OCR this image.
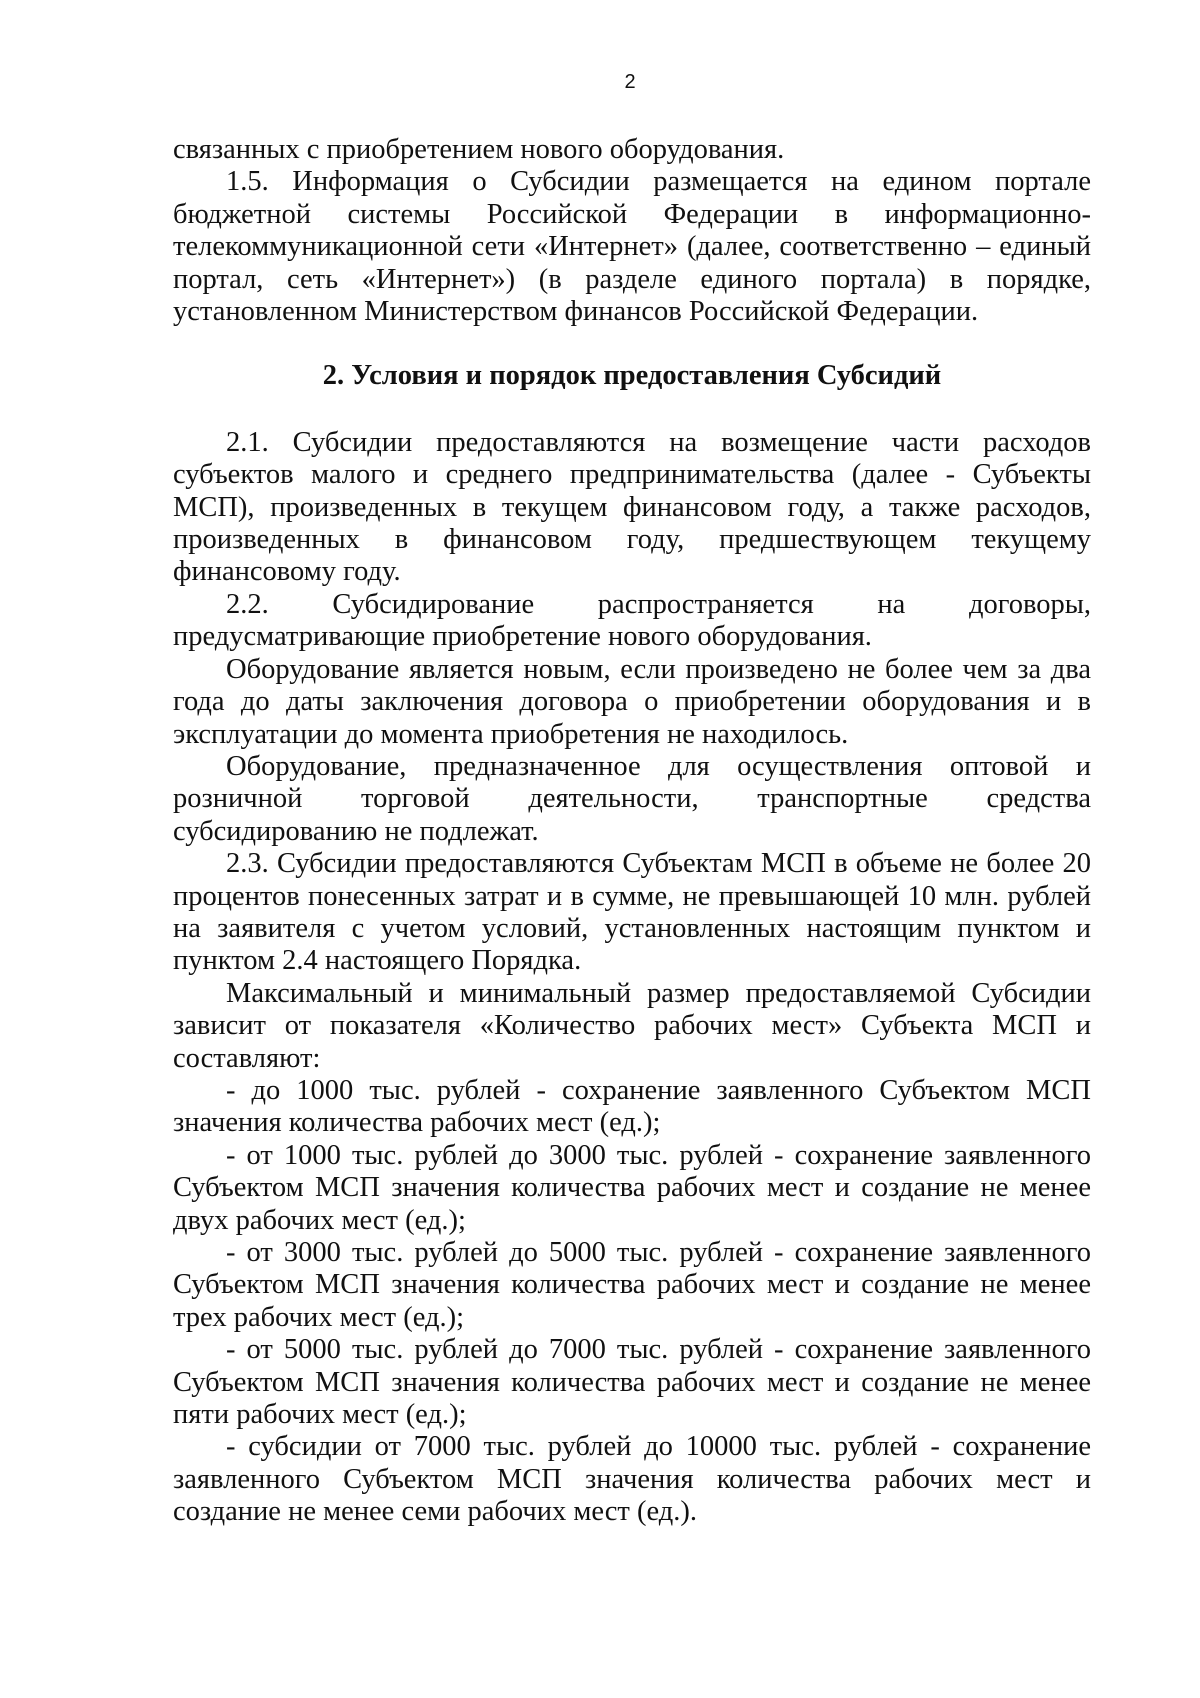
2

связанных с приобретением нового оборудования.

1.5. Информация о Субсидии размещается на едином портале бюджетной системы Российской Федерации в информационно-телекоммуникационной сети «Интернет» (далее, соответственно – единый портал, сеть «Интернет») (в разделе единого портала) в порядке, установленном Министерством финансов Российской Федерации.

2. Условия и порядок предоставления Субсидий

2.1. Субсидии предоставляются на возмещение части расходов субъектов малого и среднего предпринимательства (далее - Субъекты МСП), произведенных в текущем финансовом году, а также расходов, произведенных в финансовом году, предшествующем текущему финансовому году.

2.2. Субсидирование распространяется на договоры, предусматривающие приобретение нового оборудования.

Оборудование является новым, если произведено не более чем за два года до даты заключения договора о приобретении оборудования и в эксплуатации до момента приобретения не находилось.

Оборудование, предназначенное для осуществления оптовой и розничной торговой деятельности, транспортные средства субсидированию не подлежат.

2.3. Субсидии предоставляются Субъектам МСП в объеме не более 20 процентов понесенных затрат и в сумме, не превышающей 10 млн. рублей на заявителя с учетом условий, установленных настоящим пунктом и пунктом 2.4 настоящего Порядка.

Максимальный и минимальный размер предоставляемой Субсидии зависит от показателя «Количество рабочих мест» Субъекта МСП и составляют:

- до 1000 тыс. рублей - сохранение заявленного Субъектом МСП значения количества рабочих мест (ед.);

- от 1000 тыс. рублей до 3000 тыс. рублей - сохранение заявленного Субъектом МСП значения количества рабочих мест и создание не менее двух рабочих мест (ед.);

- от 3000 тыс. рублей до 5000 тыс. рублей - сохранение заявленного Субъектом МСП значения количества рабочих мест и создание не менее трех рабочих мест (ед.);

- от 5000 тыс. рублей до 7000 тыс. рублей - сохранение заявленного Субъектом МСП значения количества рабочих мест и создание не менее пяти рабочих мест (ед.);

- субсидии от 7000 тыс. рублей до 10000 тыс. рублей - сохранение заявленного Субъектом МСП значения количества рабочих мест и создание не менее семи рабочих мест (ед.).
